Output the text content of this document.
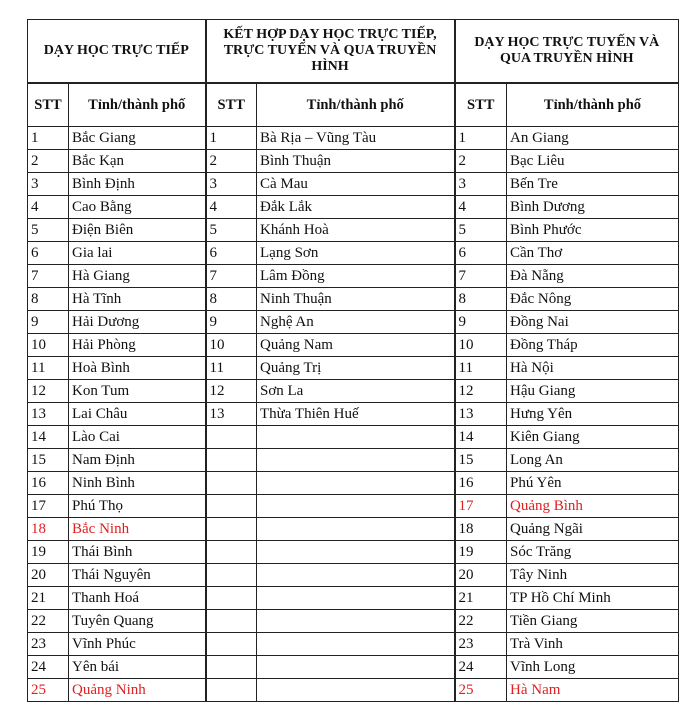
DẠY HỌC TRỰC TIẾP		KẾT HỢP DẠY HỌC TRỰC TIẾP, TRỰC TUYẾN VÀ QUA TRUYỀN HÌNH		DẠY HỌC TRỰC TUYẾN VÀ QUA TRUYỀN HÌNH	
STT	Tỉnh/thành phố	STT	Tỉnh/thành phố	STT	Tỉnh/thành phố
1	Bắc Giang	1	Bà Rịa – Vũng Tàu	1	An Giang
2	Bắc Kạn	2	Bình Thuận	2	Bạc Liêu
3	Bình Định	3	Cà Mau	3	Bến Tre
4	Cao Bằng	4	Đắk Lắk	4	Bình Dương
5	Điện Biên	5	Khánh Hoà	5	Bình Phước
6	Gia lai	6	Lạng Sơn	6	Cần Thơ
7	Hà Giang	7	Lâm Đồng	7	Đà Nẵng
8	Hà Tĩnh	8	Ninh Thuận	8	Đắc Nông
9	Hải Dương	9	Nghệ An	9	Đồng Nai
10	Hải Phòng	10	Quảng Nam	10	Đồng Tháp
11	Hoà Bình	11	Quảng Trị	11	Hà Nội
12	Kon Tum	12	Sơn La	12	Hậu Giang
13	Lai Châu	13	Thừa Thiên Huế	13	Hưng Yên
14	Lào Cai			14	Kiên Giang
15	Nam Định			15	Long An
16	Ninh Bình			16	Phú Yên
17	Phú Thọ			17	Quảng Bình
18	Bắc Ninh			18	Quảng Ngãi
19	Thái Bình			19	Sóc Trăng
20	Thái Nguyên			20	Tây Ninh
21	Thanh Hoá			21	TP Hồ Chí Minh
22	Tuyên Quang			22	Tiền Giang
23	Vĩnh Phúc			23	Trà Vinh
24	Yên bái			24	Vĩnh Long
25	Quảng Ninh			25	Hà Nam
